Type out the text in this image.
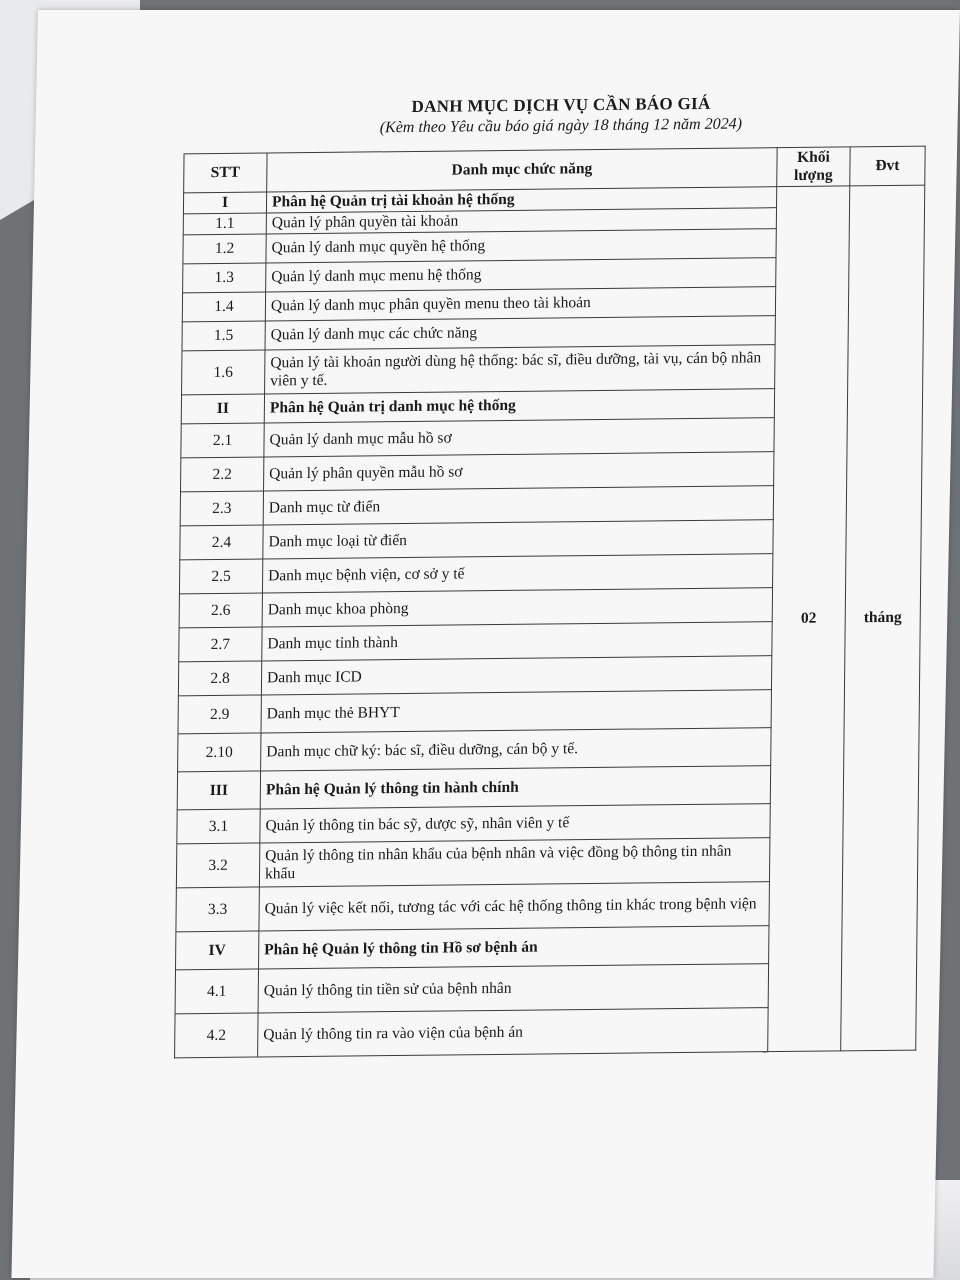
DANH MỤC DỊCH VỤ CẦN BÁO GIÁ
(Kèm theo Yêu cầu báo giá ngày 18 tháng 12 năm 2024)
STT	Danh mục chức năng	Khối lượng	Đvt
I	Phân hệ Quản trị tài khoản hệ thống	02	tháng
1.1	Quản lý phân quyền tài khoản		
1.2	Quản lý danh mục quyền hệ thống		
1.3	Quản lý danh mục menu hệ thống		
1.4	Quản lý danh mục phân quyền menu theo tài khoản		
1.5	Quản lý danh mục các chức năng		
1.6	Quản lý tài khoản người dùng hệ thống: bác sĩ, điều dưỡng, tài vụ, cán bộ nhân viên y tế.		
II	Phân hệ Quản trị danh mục hệ thống		
2.1	Quản lý danh mục mẫu hồ sơ		
2.2	Quản lý phân quyền mẫu hồ sơ		
2.3	Danh mục từ điển		
2.4	Danh mục loại từ điển		
2.5	Danh mục bệnh viện, cơ sở y tế		
2.6	Danh mục khoa phòng		
2.7	Danh mục tỉnh thành		
2.8	Danh mục ICD		
2.9	Danh mục thẻ BHYT		
2.10	Danh mục chữ ký: bác sĩ, điều dưỡng, cán bộ y tế.		
III	Phân hệ Quản lý thông tin hành chính		
3.1	Quản lý thông tin bác sỹ, dược sỹ, nhân viên y tế		
3.2	Quản lý thông tin nhân khẩu của bệnh nhân và việc đồng bộ thông tin nhân khẩu		
3.3	Quản lý việc kết nối, tương tác với các hệ thống thông tin khác trong bệnh viện		
IV	Phân hệ Quản lý thông tin Hồ sơ bệnh án		
4.1	Quản lý thông tin tiền sử của bệnh nhân		
4.2	Quản lý thông tin ra vào viện của bệnh án		
